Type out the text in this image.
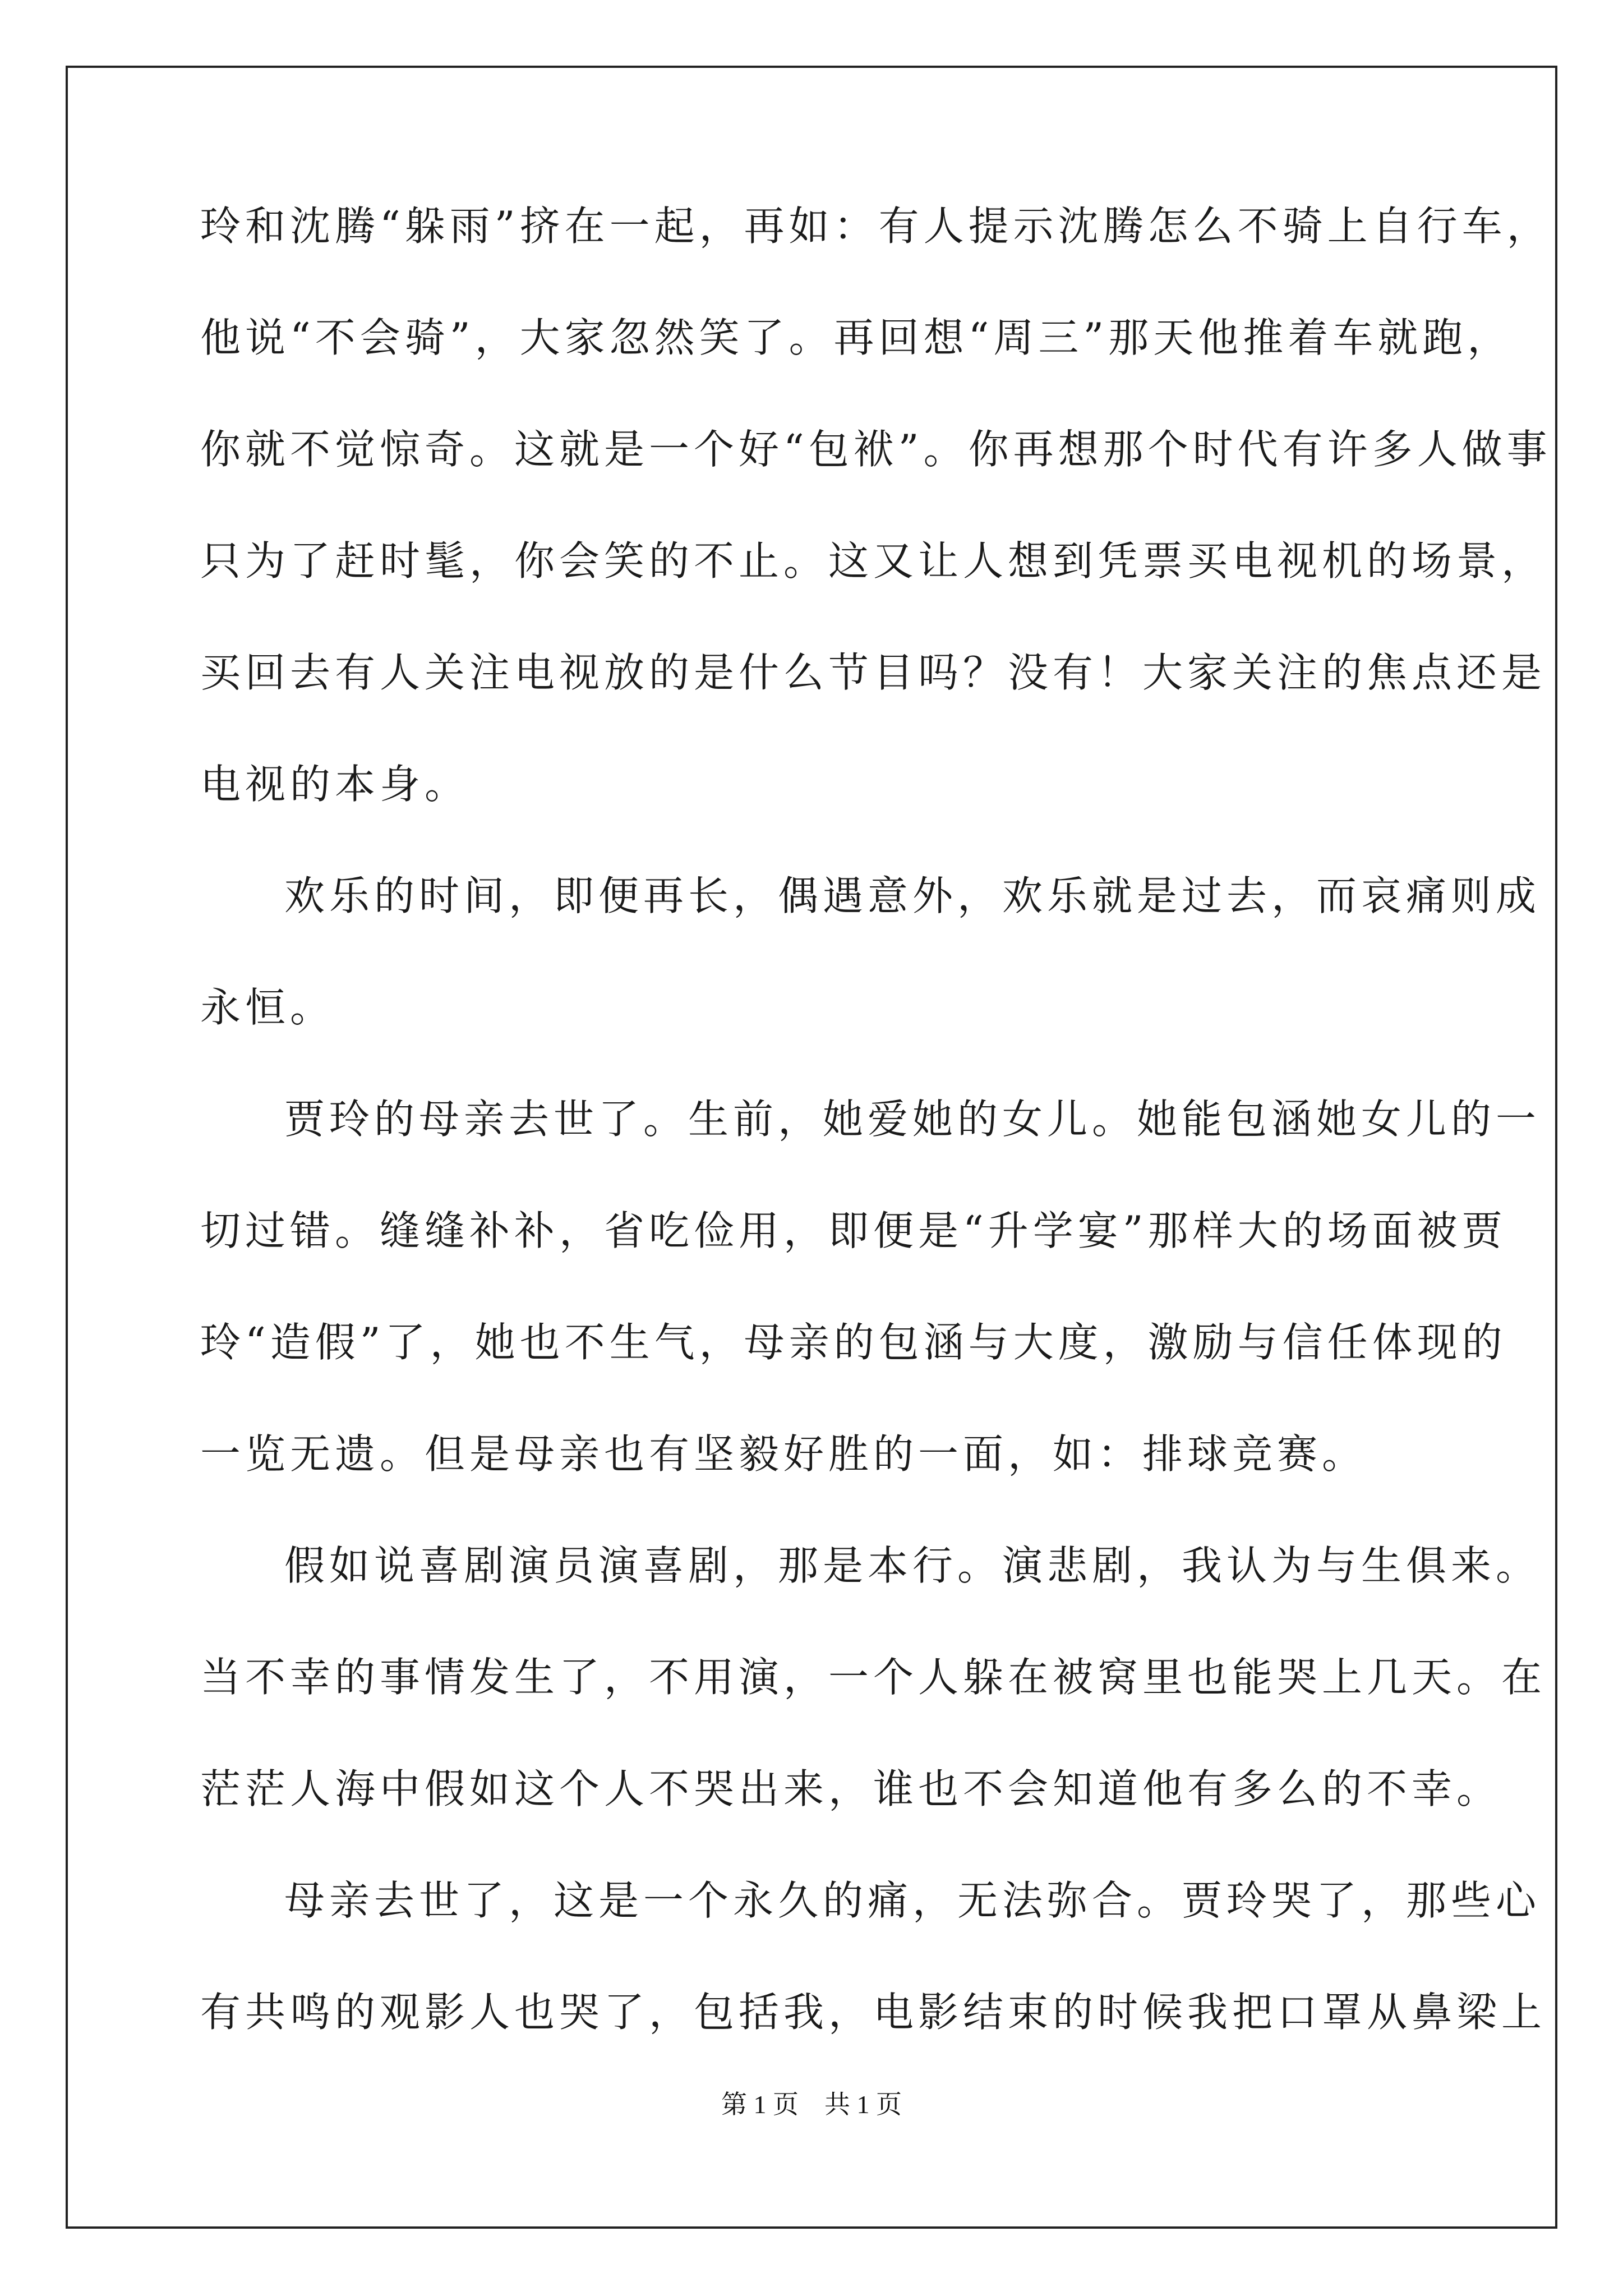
玲和沈腾“躲雨”挤在一起，再如：有人提示沈腾怎么不骑上自行车，
他说“不会骑”，大家忽然笑了。再回想“周三”那天他推着车就跑，
你就不觉惊奇。这就是一个好“包袱”。你再想那个时代有许多人做事
只为了赶时髦，你会笑的不止。这又让人想到凭票买电视机的场景，
买回去有人关注电视放的是什么节目吗？没有！大家关注的焦点还是
电视的本身。
欢乐的时间，即便再长，偶遇意外，欢乐就是过去，而哀痛则成
永恒。
贾玲的母亲去世了。生前，她爱她的女儿。她能包涵她女儿的一
切过错。缝缝补补，省吃俭用，即便是“升学宴”那样大的场面被贾
玲“造假”了，她也不生气，母亲的包涵与大度，激励与信任体现的
一览无遗。但是母亲也有坚毅好胜的一面，如：排球竞赛。
假如说喜剧演员演喜剧，那是本行。演悲剧，我认为与生俱来。
当不幸的事情发生了，不用演，一个人躲在被窝里也能哭上几天。在
茫茫人海中假如这个人不哭出来，谁也不会知道他有多么的不幸。
母亲去世了，这是一个永久的痛，无法弥合。贾玲哭了，那些心
有共鸣的观影人也哭了，包括我，电影结束的时候我把口罩从鼻梁上
第 1 页 共 1 页
